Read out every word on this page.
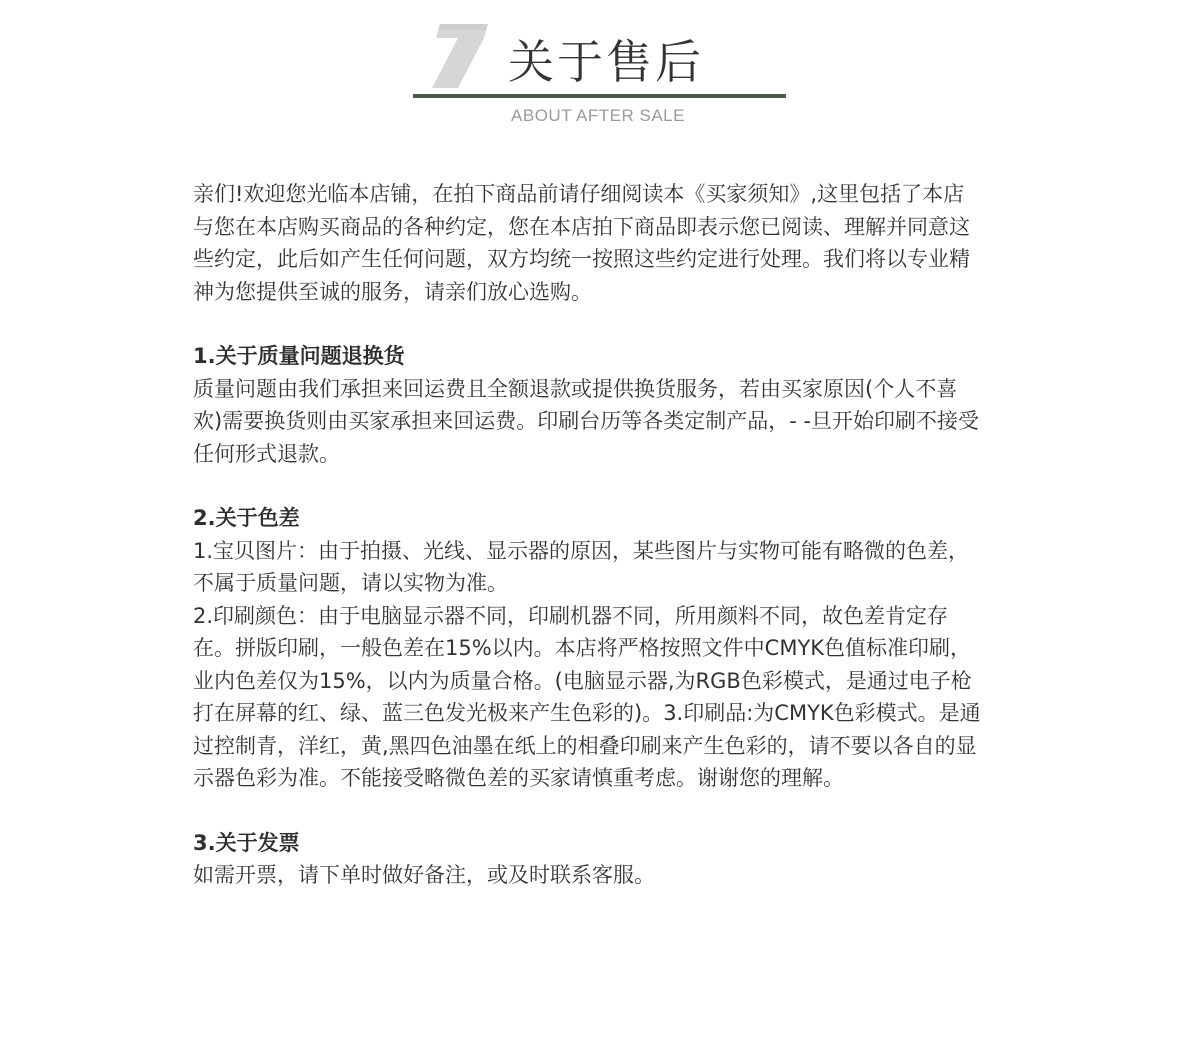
关于售后
ABOUT AFTER SALE

亲们!欢迎您光临本店铺，在拍下商品前请仔细阅读本《买家须知》,这里包括了本店
与您在本店购买商品的各种约定，您在本店拍下商品即表示您已阅读、理解并同意这
些约定，此后如产生任何问题，双方均统一按照这些约定进行处理。我们将以专业精
神为您提供至诚的服务，请亲们放心选购。

1.关于质量问题退换货

质量问题由我们承担来回运费且全额退款或提供换货服务，若由买家原因(个人不喜
欢)需要换货则由买家承担来回运费。印刷台历等各类定制产品，- -旦开始印刷不接受
任何形式退款。

2.关于色差

1.宝贝图片：由于拍摄、光线、显示器的原因，某些图片与实物可能有略微的色差，
不属于质量问题，请以实物为准。

2.印刷颜色：由于电脑显示器不同，印刷机器不同，所用颜料不同，故色差肯定存
在。拼版印刷，一般色差在15%以内。本店将严格按照文件中CMYK色值标准印刷，
业内色差仅为15%，以内为质量合格。(电脑显示器,为RGB色彩模式，是通过电子枪
打在屏幕的红、绿、蓝三色发光极来产生色彩的)。3.印刷品:为CMYK色彩模式。是通
过控制青，洋红，黄,黑四色油墨在纸上的相叠印刷来产生色彩的，请不要以各自的显
示器色彩为准。不能接受略微色差的买家请慎重考虑。谢谢您的理解。

3.关于发票

如需开票，请下单时做好备注，或及时联系客服。
